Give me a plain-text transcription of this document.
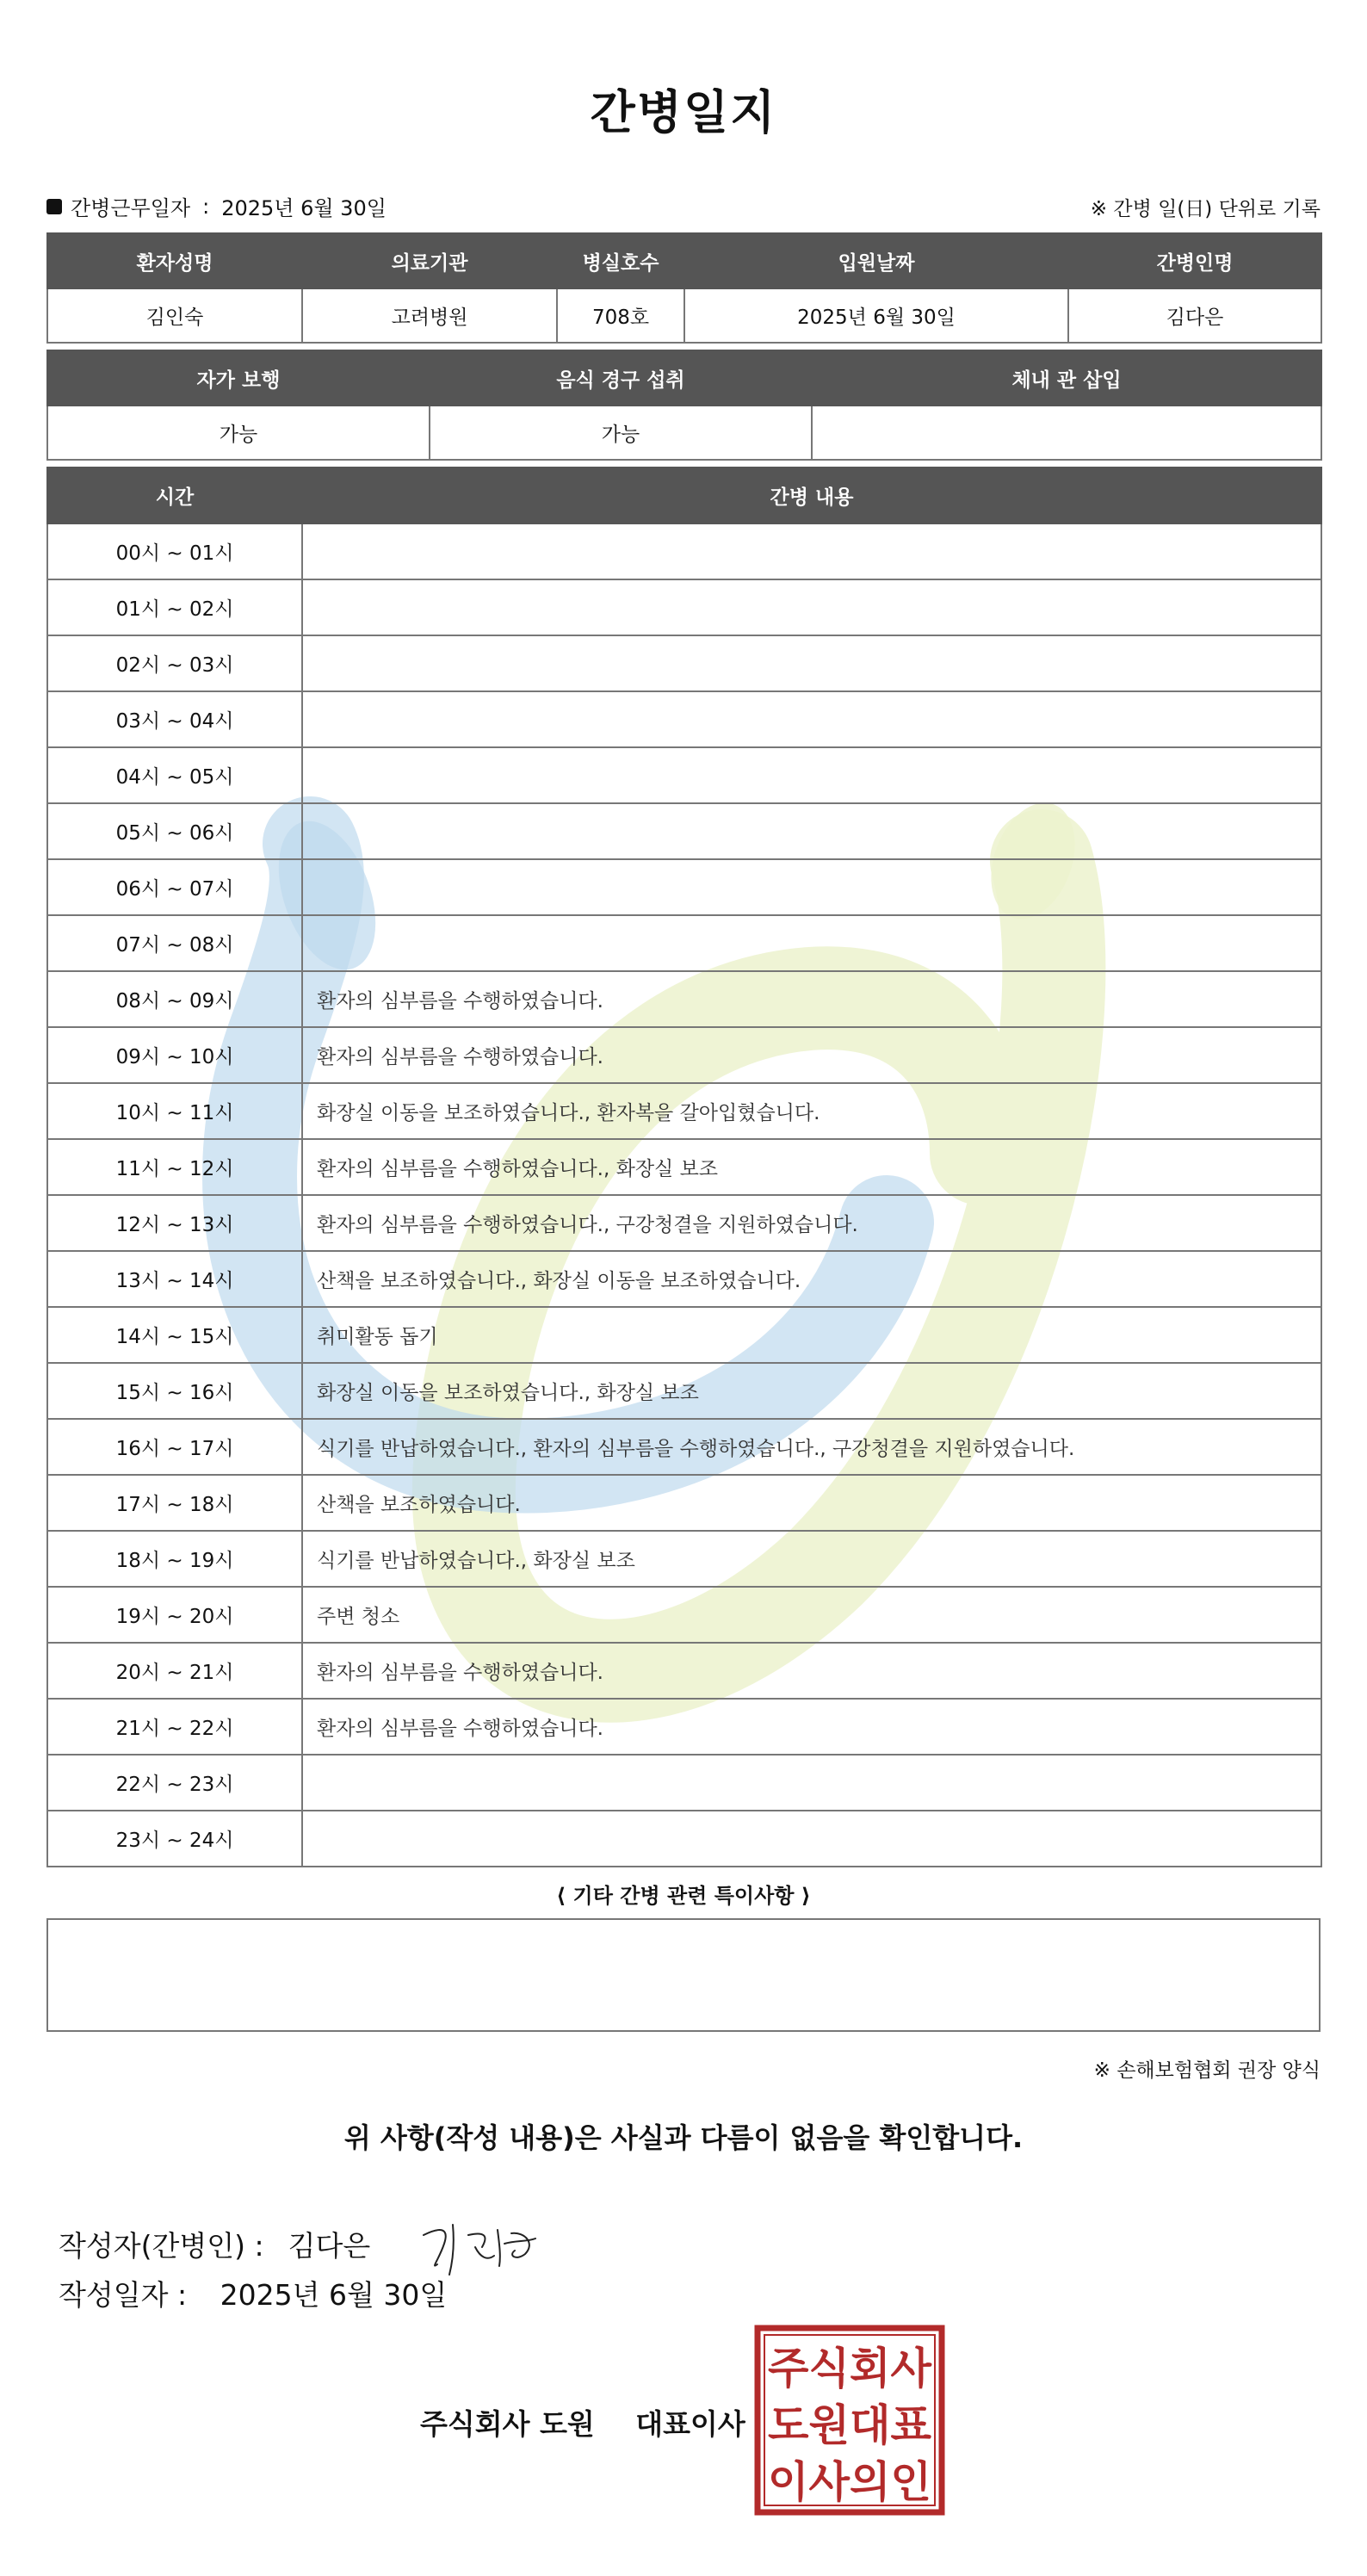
간병일지
간병근무일자 : 2025년 6월 30일	※ 간병 일(日) 단위로 기록
환자성명	의료기관	병실호수	입원날짜	간병인명
김인숙	고려병원	708호	2025년 6월 30일	김다은
자가 보행	음식 경구 섭취	체내 관 삽입
가능	가능	
시간	간병 내용
00시 ~ 01시	
01시 ~ 02시	
02시 ~ 03시	
03시 ~ 04시	
04시 ~ 05시	
05시 ~ 06시	
06시 ~ 07시	
07시 ~ 08시	
08시 ~ 09시	환자의 심부름을 수행하였습니다.
09시 ~ 10시	환자의 심부름을 수행하였습니다.
10시 ~ 11시	화장실 이동을 보조하였습니다., 환자복을 갈아입혔습니다.
11시 ~ 12시	환자의 심부름을 수행하였습니다., 화장실 보조
12시 ~ 13시	환자의 심부름을 수행하였습니다., 구강청결을 지원하였습니다.
13시 ~ 14시	산책을 보조하였습니다., 화장실 이동을 보조하였습니다.
14시 ~ 15시	취미활동 돕기
15시 ~ 16시	화장실 이동을 보조하였습니다., 화장실 보조
16시 ~ 17시	식기를 반납하였습니다., 환자의 심부름을 수행하였습니다., 구강청결을 지원하였습니다.
17시 ~ 18시	산책을 보조하였습니다.
18시 ~ 19시	식기를 반납하였습니다., 화장실 보조
19시 ~ 20시	주변 청소
20시 ~ 21시	환자의 심부름을 수행하였습니다.
21시 ~ 22시	환자의 심부름을 수행하였습니다.
22시 ~ 23시	
23시 ~ 24시	
⟨ 기타 간병 관련 특이사항 ⟩
※ 손해보험협회 권장 양식
위 사항(작성 내용)은 사실과 다름이 없음을 확인합니다.
작성자(간병인) : 김다은
작성일자 : 2025년 6월 30일
주식회사 도원 대표이사
주식회사
도원대표
이사의인
